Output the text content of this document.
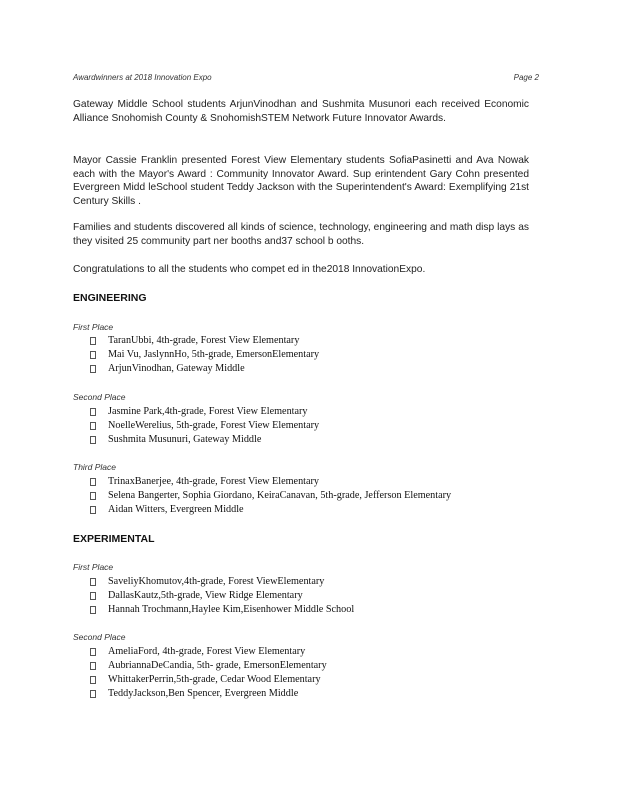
Awardwinners at 2018 Innovation Expo	Page 2

Gateway Middle School students ArjunVinodhan and Sushmita Musunori each received Economic Alliance Snohomish County & SnohomishSTEM Network Future Innovator Awards.

Mayor Cassie Franklin presented Forest View Elementary students SofiaPasinetti and Ava Nowak each with the Mayor's Award : Community Innovator Award. Sup erintendent Gary Cohn presented Evergreen Midd leSchool student Teddy Jackson with the Superintendent's Award: Exemplifying 21st Century Skills .

Families and students discovered all kinds of science, technology, engineering and math disp lays as they visited 25 community part ner booths and37 school b ooths.

Congratulations to all the students who compet ed in the2018 InnovationExpo.

ENGINEERING
First Place
TaranUbbi, 4th-grade, Forest View Elementary
Mai Vu, JaslynnHo, 5th-grade, EmersonElementary
ArjunVinodhan, Gateway Middle
Second Place
Jasmine Park,4th-grade, Forest View Elementary
NoelleWerelius, 5th-grade, Forest View Elementary
Sushmita Musunuri, Gateway Middle
Third Place
TrinaxBanerjee, 4th-grade, Forest View Elementary
Selena Bangerter, Sophia Giordano, KeiraCanavan, 5th-grade, Jefferson Elementary
Aidan Witters, Evergreen Middle
EXPERIMENTAL
First Place
SaveliyKhomutov,4th-grade, Forest ViewElementary
DallasKautz,5th-grade, View Ridge Elementary
Hannah Trochmann,Haylee Kim,Eisenhower Middle School
Second Place
AmeliaFord, 4th-grade, Forest View Elementary
AubriannaDeCandia, 5th- grade, EmersonElementary
WhittakerPerrin,5th-grade, Cedar Wood Elementary
TeddyJackson,Ben Spencer, Evergreen Middle
